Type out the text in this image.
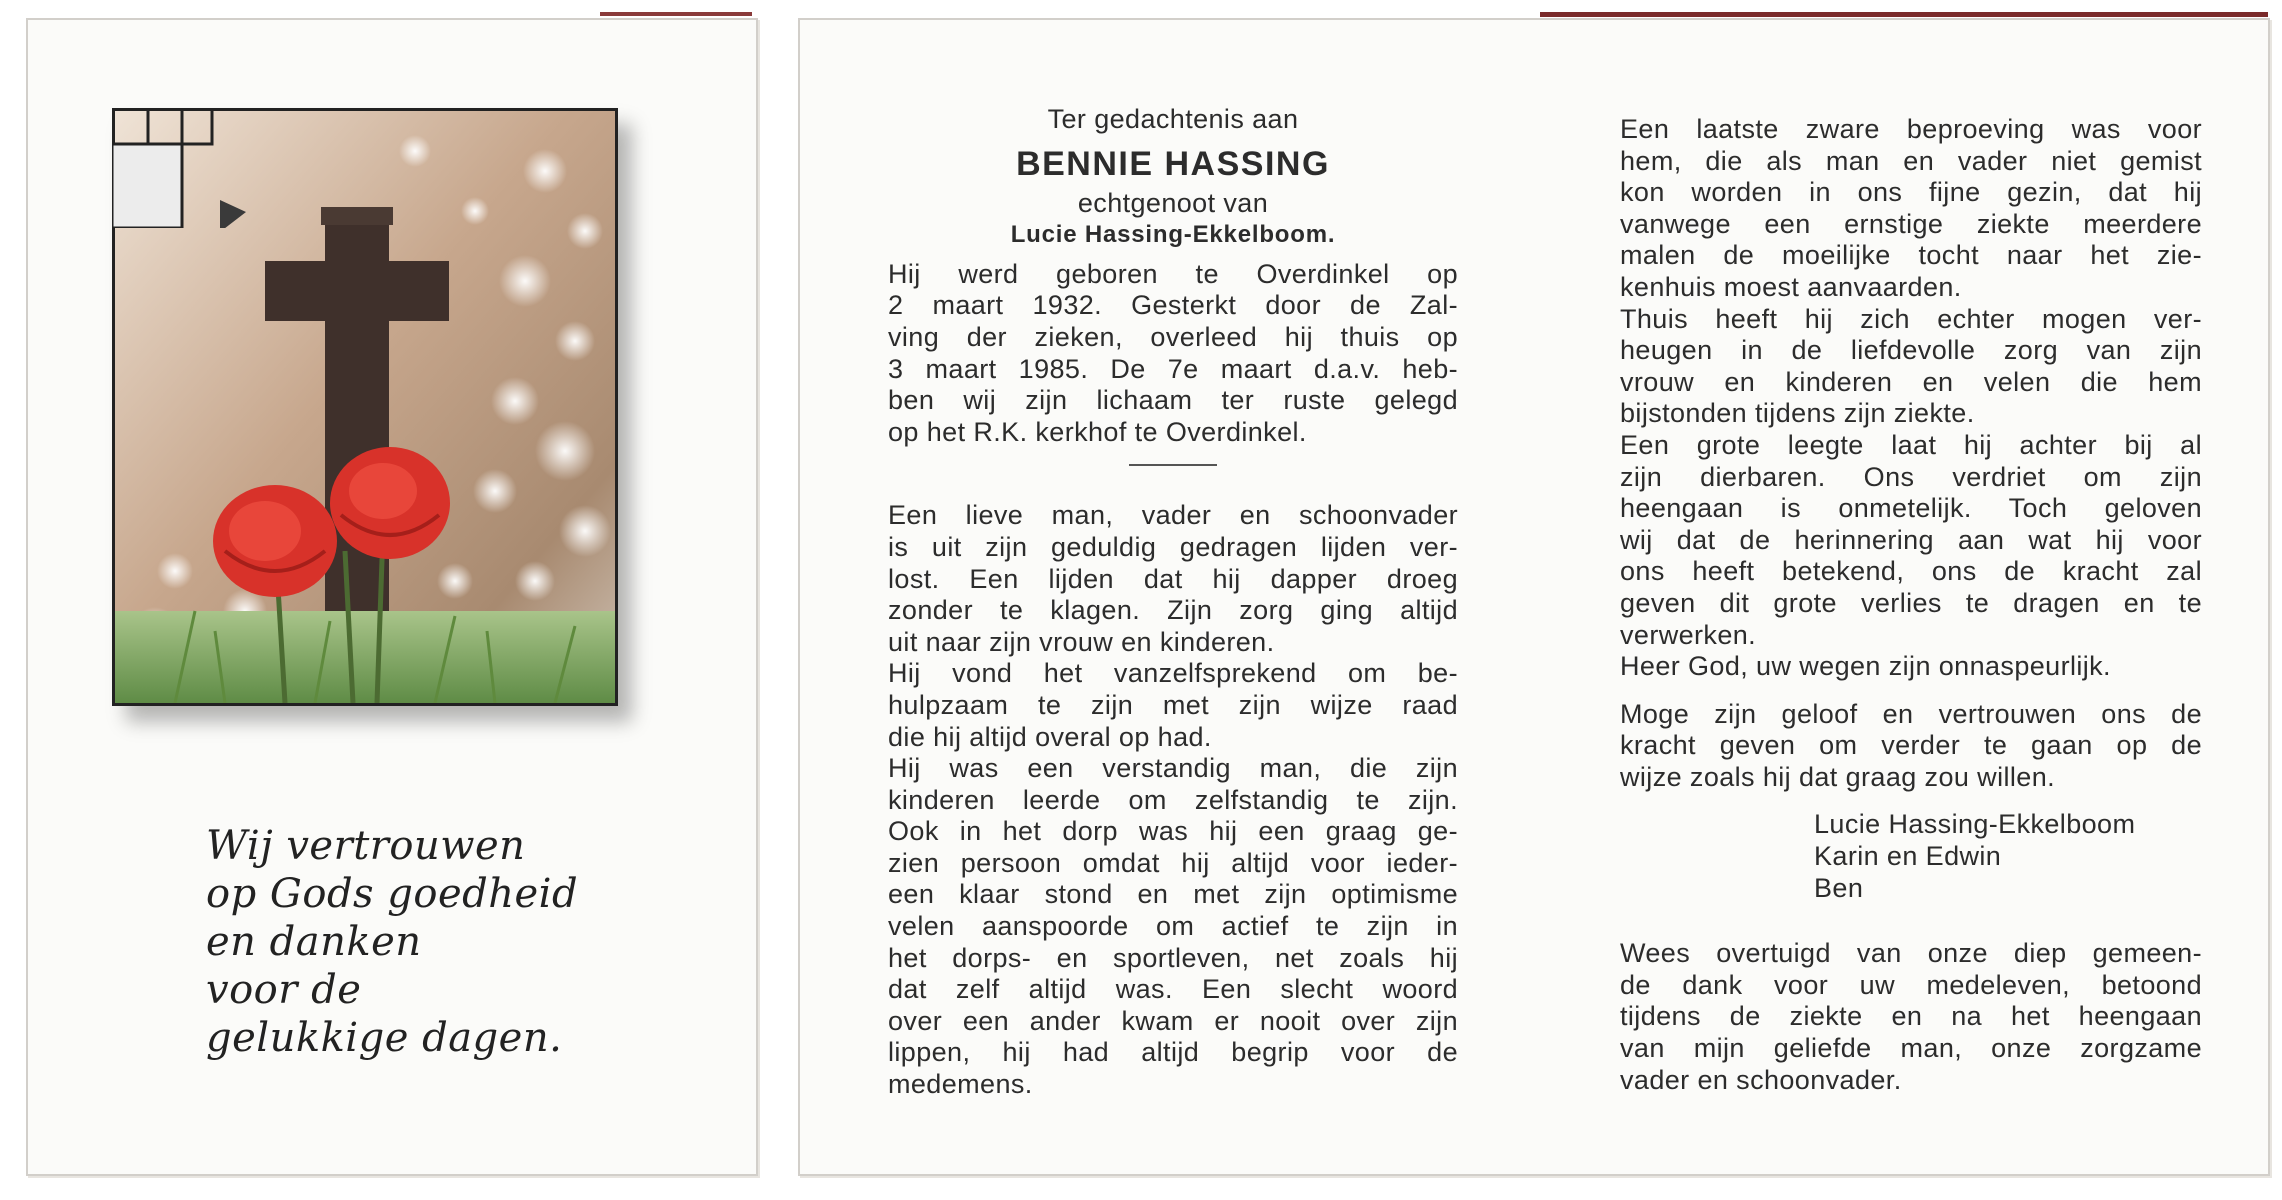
Wij vertrouwen
op Gods goedheid
en danken
voor de
gelukkige dagen.
Ter gedachtenis aan
BENNIE HASSING
echtgenoot van
Lucie Hassing-Ekkelboom.
Hij werd geboren te Overdinkel op
2 maart 1932. Gesterkt door de Zal-
ving der zieken, overleed hij thuis op
3 maart 1985. De 7e maart d.a.v. heb-
ben wij zijn lichaam ter ruste gelegd
op het R.K. kerkhof te Overdinkel.
Een lieve man, vader en schoonvader
is uit zijn geduldig gedragen lijden ver-
lost. Een lijden dat hij dapper droeg
zonder te klagen. Zijn zorg ging altijd
uit naar zijn vrouw en kinderen.
Hij vond het vanzelfsprekend om be-
hulpzaam te zijn met zijn wijze raad
die hij altijd overal op had.
Hij was een verstandig man, die zijn
kinderen leerde om zelfstandig te zijn.
Ook in het dorp was hij een graag ge-
zien persoon omdat hij altijd voor ieder-
een klaar stond en met zijn optimisme
velen aanspoorde om actief te zijn in
het dorps- en sportleven, net zoals hij
dat zelf altijd was. Een slecht woord
over een ander kwam er nooit over zijn
lippen, hij had altijd begrip voor de
medemens.
Een laatste zware beproeving was voor
hem, die als man en vader niet gemist
kon worden in ons fijne gezin, dat hij
vanwege een ernstige ziekte meerdere
malen de moeilijke tocht naar het zie-
kenhuis moest aanvaarden.
Thuis heeft hij zich echter mogen ver-
heugen in de liefdevolle zorg van zijn
vrouw en kinderen en velen die hem
bijstonden tijdens zijn ziekte.
Een grote leegte laat hij achter bij al
zijn dierbaren. Ons verdriet om zijn
heengaan is onmetelijk. Toch geloven
wij dat de herinnering aan wat hij voor
ons heeft betekend, ons de kracht zal
geven dit grote verlies te dragen en te
verwerken.
Heer God, uw wegen zijn onnaspeurlijk.
Moge zijn geloof en vertrouwen ons de
kracht geven om verder te gaan op de
wijze zoals hij dat graag zou willen.
Lucie Hassing-Ekkelboom
Karin en Edwin
Ben
Wees overtuigd van onze diep gemeen-
de dank voor uw medeleven, betoond
tijdens de ziekte en na het heengaan
van mijn geliefde man, onze zorgzame
vader en schoonvader.
